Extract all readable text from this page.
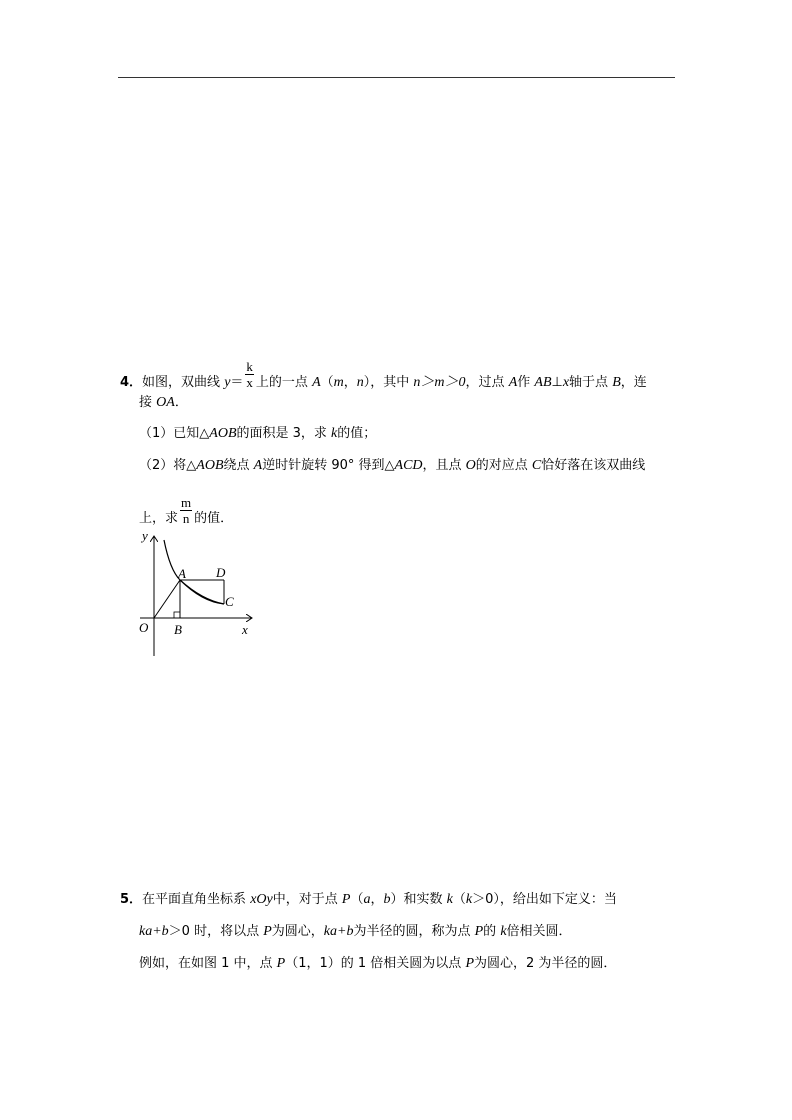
4．如图，双曲线 $y= \frac{k}{x}$ 上的一点 A（m，n），其中 n＞m＞0，过点 A作 AB⊥x轴于点 B，连
接 OA．
（1）已知△AOB的面积是 3，求 k的值；
（2）将△AOB绕点 A逆时针旋转 90° 得到△ACD，且点 O的对应点 C恰好落在该双曲线
上，求 $\frac{m}{n}$ 的值．
y
x
O
A
B
C
D
5．在平面直角坐标系 xOy中，对于点 P（a，b）和实数 k（k＞0），给出如下定义：当
ka+b＞0 时，将以点 P为圆心，ka+b为半径的圆，称为点 P的 k倍相关圆．
例如，在如图 1 中，点 P（1，1）的 1 倍相关圆为以点 P为圆心，2 为半径的圆．
